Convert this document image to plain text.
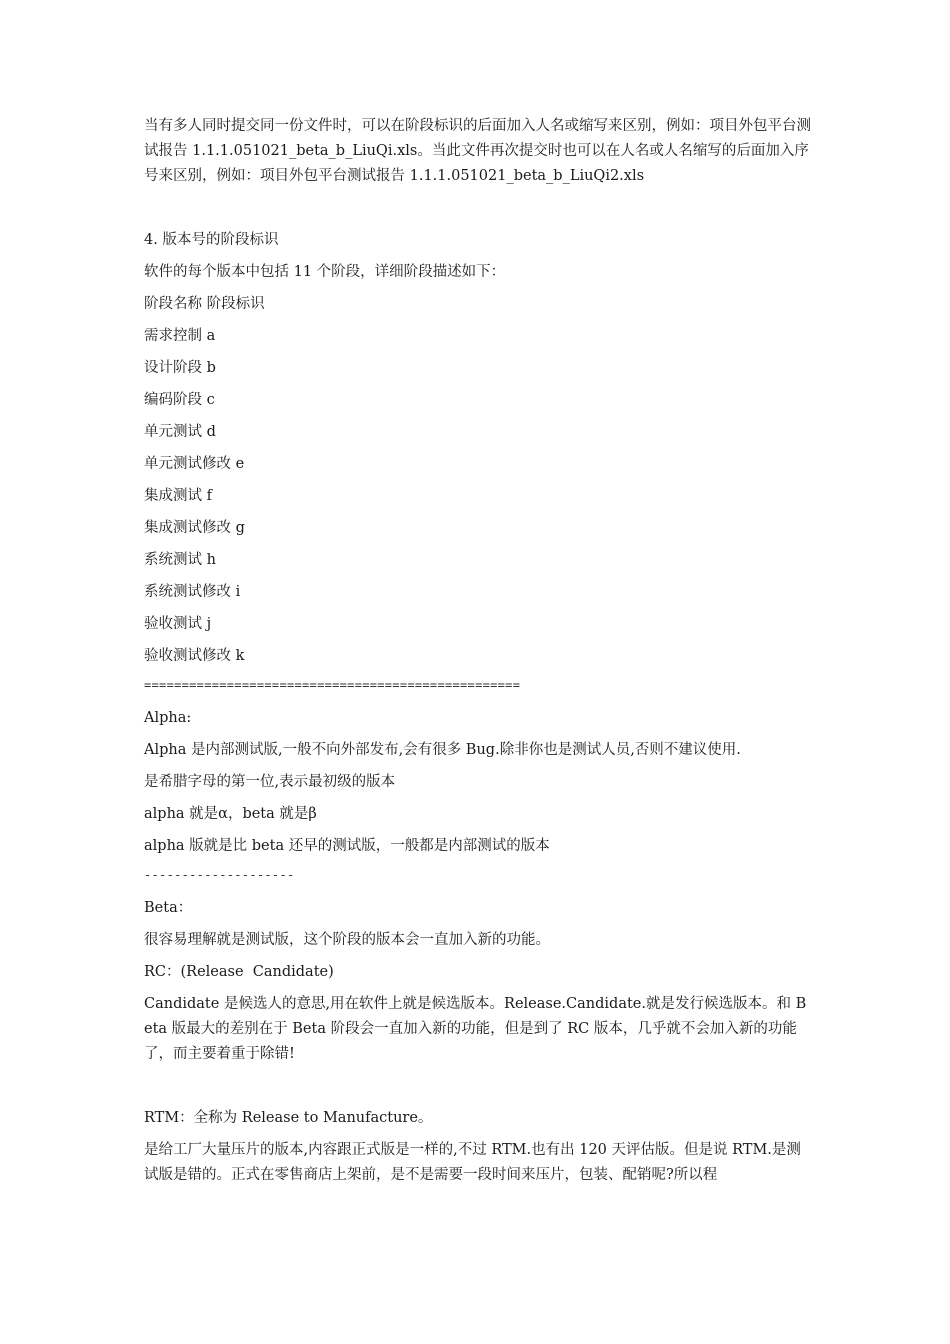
当有多人同时提交同一份文件时，可以在阶段标识的后面加入人名或缩写来区别，例如：项目外包平台测试报告 1.1.1.051021_beta_b_LiuQi.xls。当此文件再次提交时也可以在人名或人名缩写的后面加入序号来区别，例如：项目外包平台测试报告 1.1.1.051021_beta_b_LiuQi2.xls

4. 版本号的阶段标识

软件的每个版本中包括 11 个阶段，详细阶段描述如下：

阶段名称 阶段标识

需求控制 a

设计阶段 b

编码阶段 c

单元测试 d

单元测试修改 e

集成测试 f

集成测试修改 g

系统测试 h

系统测试修改 i

验收测试 j

验收测试修改 k

==================================================

Alpha:

Alpha 是内部测试版,一般不向外部发布,会有很多 Bug.除非你也是测试人员,否则不建议使用.

是希腊字母的第一位,表示最初级的版本

alpha 就是α，beta 就是β

alpha 版就是比 beta 还早的测试版，一般都是内部测试的版本

--------------------

Beta：

很容易理解就是测试版，这个阶段的版本会一直加入新的功能。

RC：(Release  Candidate)

Candidate 是候选人的意思,用在软件上就是候选版本。Release.Candidate.就是发行候选版本。和 Beta 版最大的差别在于 Beta 阶段会一直加入新的功能，但是到了 RC 版本，几乎就不会加入新的功能了，而主要着重于除错!

RTM：全称为 Release to Manufacture。

是给工厂大量压片的版本,内容跟正式版是一样的,不过 RTM.也有出 120 天评估版。但是说 RTM.是测试版是错的。正式在零售商店上架前，是不是需要一段时间来压片，包装、配销呢?所以程
